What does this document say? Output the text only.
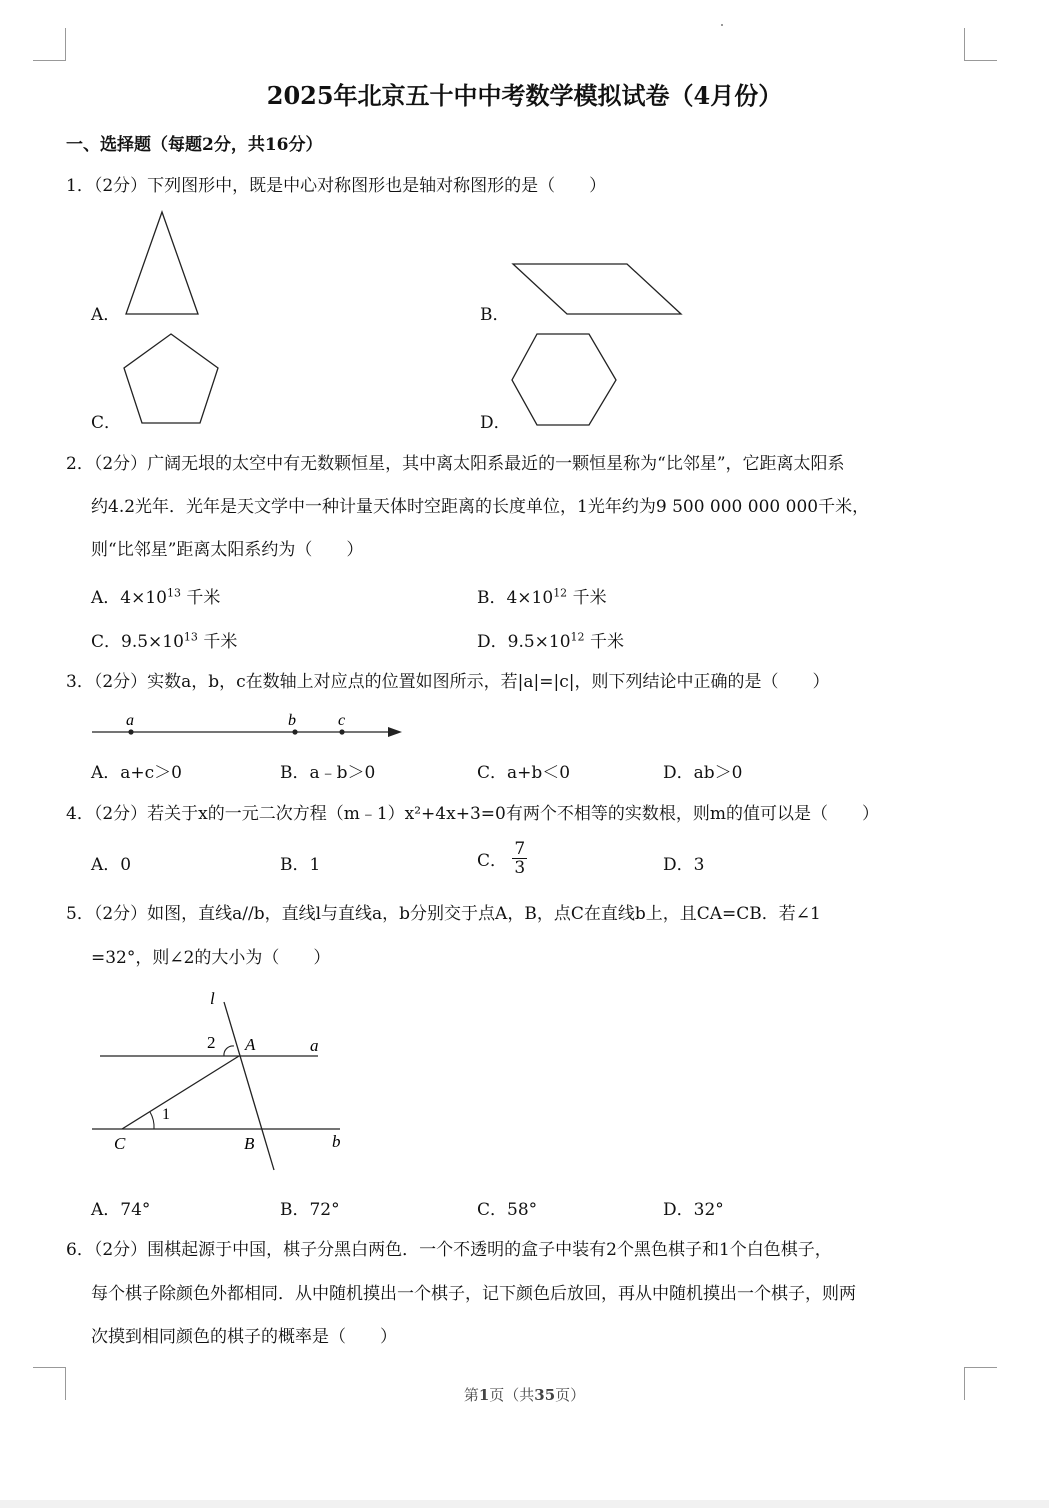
2025年北京五十中中考数学模拟试卷（4月份）
一、选择题（每题2分，共16分）
1．（2分）下列图形中，既是中心对称图形也是轴对称图形的是（　　）
A．	B．
C．	D．
2．（2分）广阔无垠的太空中有无数颗恒星，其中离太阳系最近的一颗恒星称为“比邻星”，它距离太阳系
约4.2光年．光年是天文学中一种计量天体时空距离的长度单位，1光年约为9 500 000 000 000千米，
则“比邻星”距离太阳系约为（　　）
A．$4\times 10^{13}$ 千米	B．$4\times 10^{12}$ 千米
C．$9.5\times 10^{13}$ 千米	D．$9.5\times 10^{12}$ 千米
3．（2分）实数a，b，c在数轴上对应点的位置如图所示，若|a|=|c|，则下列结论中正确的是（　　）
a	b	c
A．a+c＞0	B．a﹣b＞0	C．a+b＜0	D．ab＞0
4．（2分）若关于x的一元二次方程（m﹣1）x²+4x+3=0有两个不相等的实数根，则m的值可以是（　　）
A．0	B．1	C． $\frac{7}{3}$	D．3
5．（2分）如图，直线a//b，直线l与直线a，b分别交于点A，B，点C在直线b上，且CA=CB．若∠1
=32°，则∠2的大小为（　　）
l
2 A	a
1
C	B	b
A．74°	B．72°	C．58°	D．32°
6．（2分）围棋起源于中国，棋子分黑白两色．一个不透明的盒子中装有2个黑色棋子和1个白色棋子，
每个棋子除颜色外都相同．从中随机摸出一个棋子，记下颜色后放回，再从中随机摸出一个棋子，则两
次摸到相同颜色的棋子的概率是（　　）
第1页（共35页）
